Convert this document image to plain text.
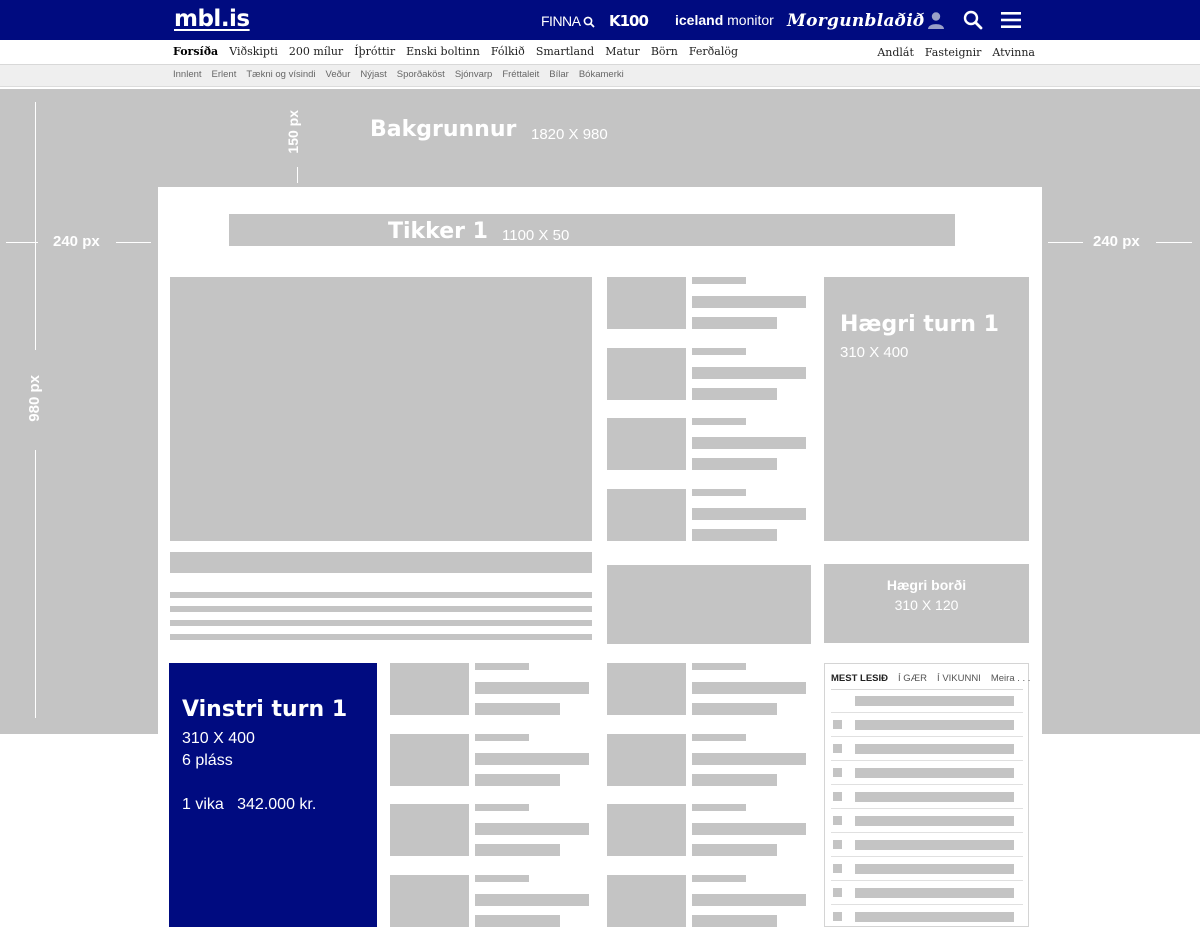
mbl.is	FINNA	K100 iceland monitor Morgunblaðið
Forsíða Viðskipti 200 mílur Íþróttir Enski boltinn Fólkið Smartland Matur Börn Ferðalög	Andlát Fasteignir Atvinna
Innlent Erlent Tækni og vísindi Veður Nýjast Sporðaköst Sjónvarp Fréttaleit Bílar Bókamerki
Bakgrunnur 1820 X 980
150 px
240 px	240 px
980 px
Tikker 1 1100 X 50
Hægri turn 1
310 X 400
Hægri borði
310 X 120
Vinstri turn 1
310 X 400
6 pláss
1 vika   342.000 kr.
MEST LESIÐ Í GÆR Í VIKUNNI Meira . . .
